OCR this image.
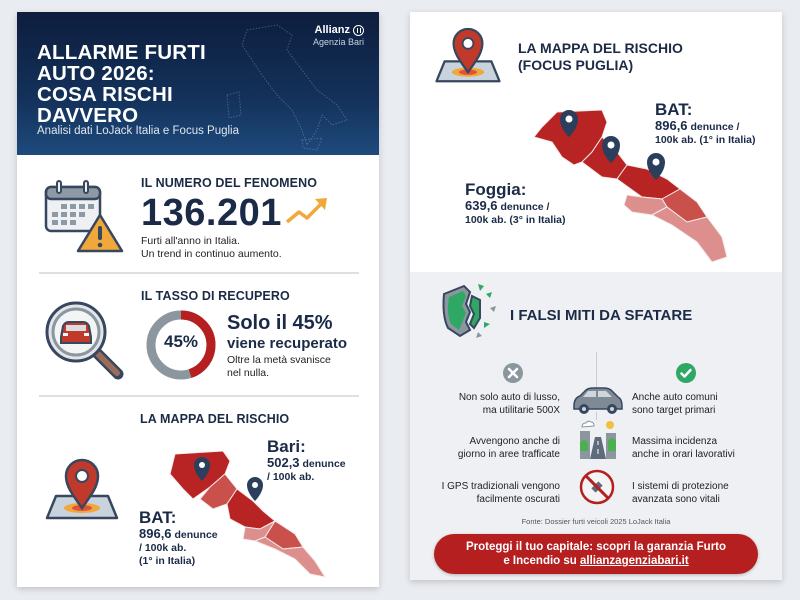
ALLARME FURTI
AUTO 2026:
COSA RISCHI
DAVVERO
Analisi dati LoJack Italia e Focus Puglia
Allianz
Agenzia Bari
IL NUMERO DEL FENOMENO
136.201
Furti all'anno in Italia.
Un trend in continuo aumento.
IL TASSO DI RECUPERO
45%
Solo il 45%
viene recuperato
Oltre la metà svanisce
nel nulla.
LA MAPPA DEL RISCHIO
Bari:
502,3 denunce
/ 100k ab.
BAT:
896,6 denunce
/ 100k ab.
(1° in Italia)
LA MAPPA DEL RISCHIO
(FOCUS PUGLIA)
BAT:
896,6 denunce /
100k ab. (1° in Italia)
Foggia:
639,6 denunce /
100k ab. (3° in Italia)
I FALSI MITI DA SFATARE
Non solo auto di lusso,
ma utilitarie 500X
Anche auto comuni
sono target primari
Avvengono anche di
giorno in aree trafficate
Massima incidenza
anche in orari lavorativi
I GPS tradizionali vengono
facilmente oscurati
I sistemi di protezione
avanzata sono vitali
Fonte: Dossier furti veicoli 2025 LoJack Italia
Proteggi il tuo capitale: scopri la garanzia Furto
e Incendio su allianzagenziabari.it
